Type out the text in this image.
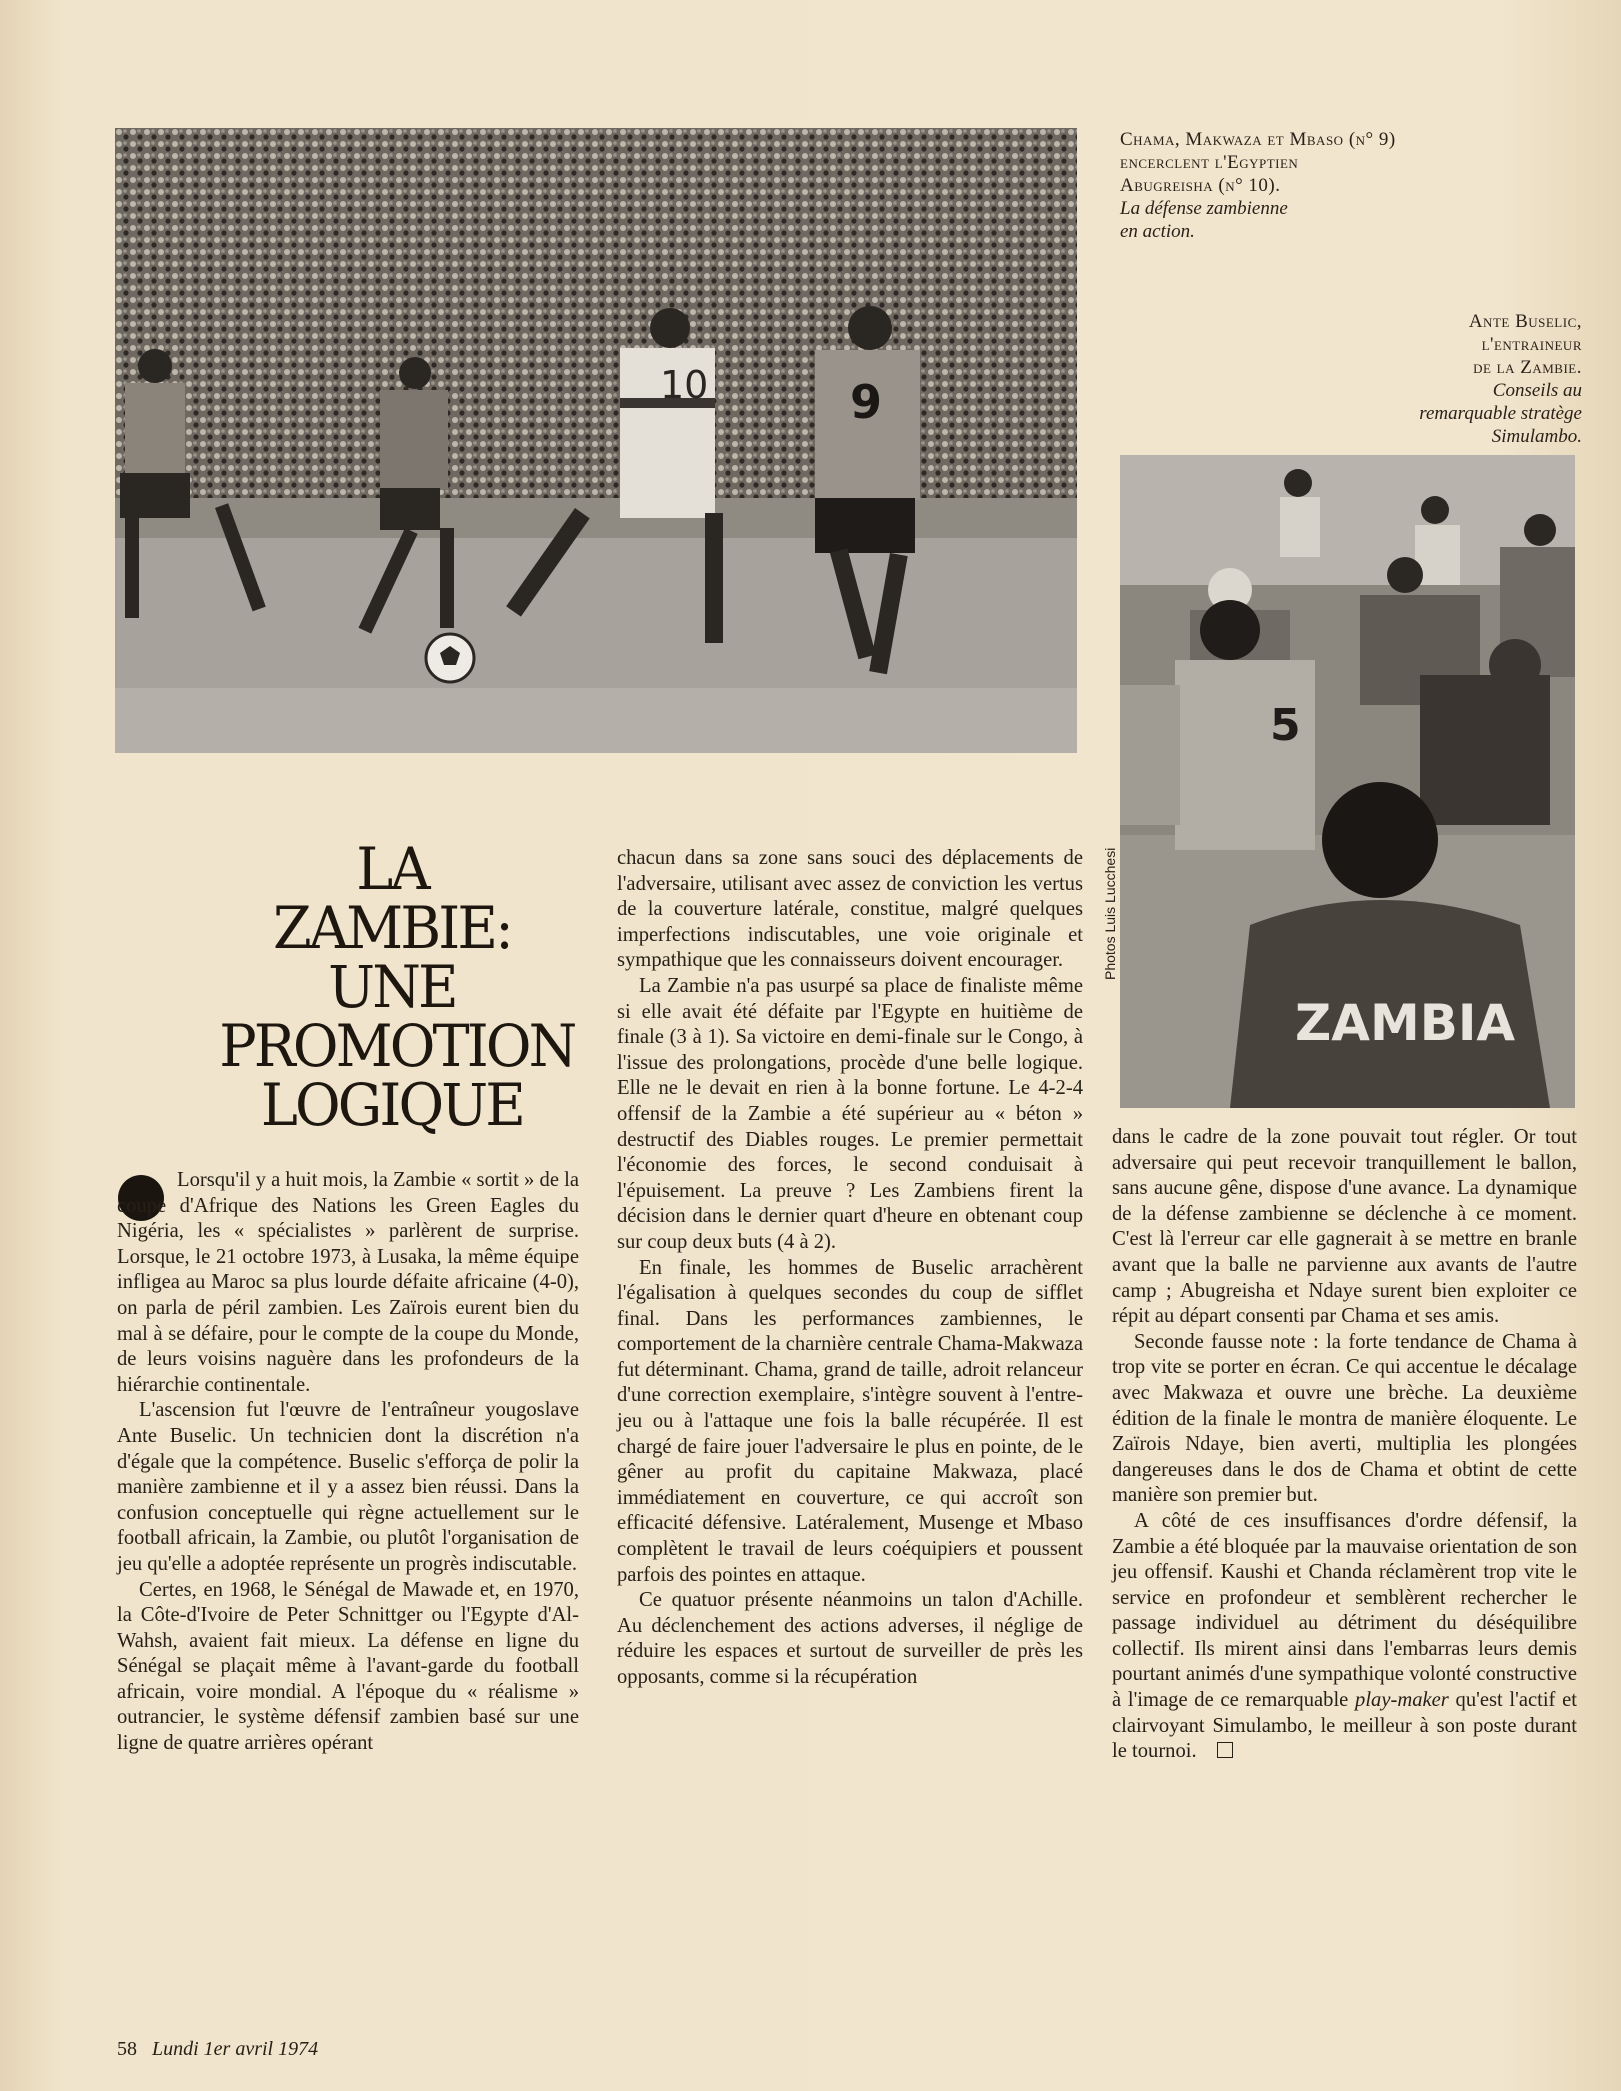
10	9
Chama, Makwaza et Mbaso (n° 9)
encerclent l'Egyptien
Abugreisha (n° 10).
La défense zambienne
en action.
Ante Buselic,
l'entraineur
de la Zambie.
Conseils au
remarquable stratège
Simulambo.
5
ZAMBIA
Photos Luis Lucchesi
LA
ZAMBIE:
UNE
PROMOTION
LOGIQUE

Lorsqu'il y a huit mois, la Zambie « sortit » de la coupe d'Afrique des Nations les Green Eagles du Nigéria, les « spécialistes » parlèrent de surprise. Lorsque, le 21 octobre 1973, à Lusaka, la même équipe infligea au Maroc sa plus lourde défaite africaine (4-0), on parla de péril zambien. Les Zaïrois eurent bien du mal à se défaire, pour le compte de la coupe du Monde, de leurs voisins naguère dans les profondeurs de la hiérarchie continentale.

L'ascension fut l'œuvre de l'entraîneur yougoslave Ante Buselic. Un technicien dont la discrétion n'a d'égale que la compétence. Buselic s'efforça de polir la manière zambienne et il y a assez bien réussi. Dans la confusion conceptuelle qui règne actuellement sur le football africain, la Zambie, ou plutôt l'organisation de jeu qu'elle a adoptée représente un progrès indiscutable.

Certes, en 1968, le Sénégal de Mawade et, en 1970, la Côte-d'Ivoire de Peter Schnittger ou l'Egypte d'Al-Wahsh, avaient fait mieux. La défense en ligne du Sénégal se plaçait même à l'avant-garde du football africain, voire mondial. A l'époque du « réalisme » outrancier, le système défensif zambien basé sur une ligne de quatre arrières opérant

chacun dans sa zone sans souci des déplacements de l'adversaire, utilisant avec assez de conviction les vertus de la couverture latérale, constitue, malgré quelques imperfections indiscutables, une voie originale et sympathique que les connaisseurs doivent encourager.

La Zambie n'a pas usurpé sa place de finaliste même si elle avait été défaite par l'Egypte en huitième de finale (3 à 1). Sa victoire en demi-finale sur le Congo, à l'issue des prolongations, procède d'une belle logique. Elle ne le devait en rien à la bonne fortune. Le 4-2-4 offensif de la Zambie a été supérieur au « béton » destructif des Diables rouges. Le premier permettait l'économie des forces, le second conduisait à l'épuisement. La preuve ? Les Zambiens firent la décision dans le dernier quart d'heure en obtenant coup sur coup deux buts (4 à 2).

En finale, les hommes de Buselic arrachèrent l'égalisation à quelques secondes du coup de sifflet final. Dans les performances zambiennes, le comportement de la charnière centrale Chama-Makwaza fut déterminant. Chama, grand de taille, adroit relanceur d'une correction exemplaire, s'intègre souvent à l'entre-jeu ou à l'attaque une fois la balle récupérée. Il est chargé de faire jouer l'adversaire le plus en pointe, de le gêner au profit du capitaine Makwaza, placé immédiatement en couverture, ce qui accroît son efficacité défensive. Latéralement, Musenge et Mbaso complètent le travail de leurs coéquipiers et poussent parfois des pointes en attaque.

Ce quatuor présente néanmoins un talon d'Achille. Au déclenchement des actions adverses, il néglige de réduire les espaces et surtout de surveiller de près les opposants, comme si la récupération

dans le cadre de la zone pouvait tout régler. Or tout adversaire qui peut recevoir tranquillement le ballon, sans aucune gêne, dispose d'une avance. La dynamique de la défense zambienne se déclenche à ce moment. C'est là l'erreur car elle gagnerait à se mettre en branle avant que la balle ne parvienne aux avants de l'autre camp ; Abugreisha et Ndaye surent bien exploiter ce répit au départ consenti par Chama et ses amis.

Seconde fausse note : la forte tendance de Chama à trop vite se porter en écran. Ce qui accentue le décalage avec Makwaza et ouvre une brèche. La deuxième édition de la finale le montra de manière éloquente. Le Zaïrois Ndaye, bien averti, multiplia les plongées dangereuses dans le dos de Chama et obtint de cette manière son premier but.

A côté de ces insuffisances d'ordre défensif, la Zambie a été bloquée par la mauvaise orientation de son jeu offensif. Kaushi et Chanda réclamèrent trop vite le service en profondeur et semblèrent rechercher le passage individuel au détriment du déséquilibre collectif. Ils mirent ainsi dans l'embarras leurs demis pourtant animés d'une sympathique volonté constructive à l'image de ce remarquable play-maker qu'est l'actif et clairvoyant Simulambo, le meilleur à son poste durant le tournoi.

58 Lundi 1er avril 1974
